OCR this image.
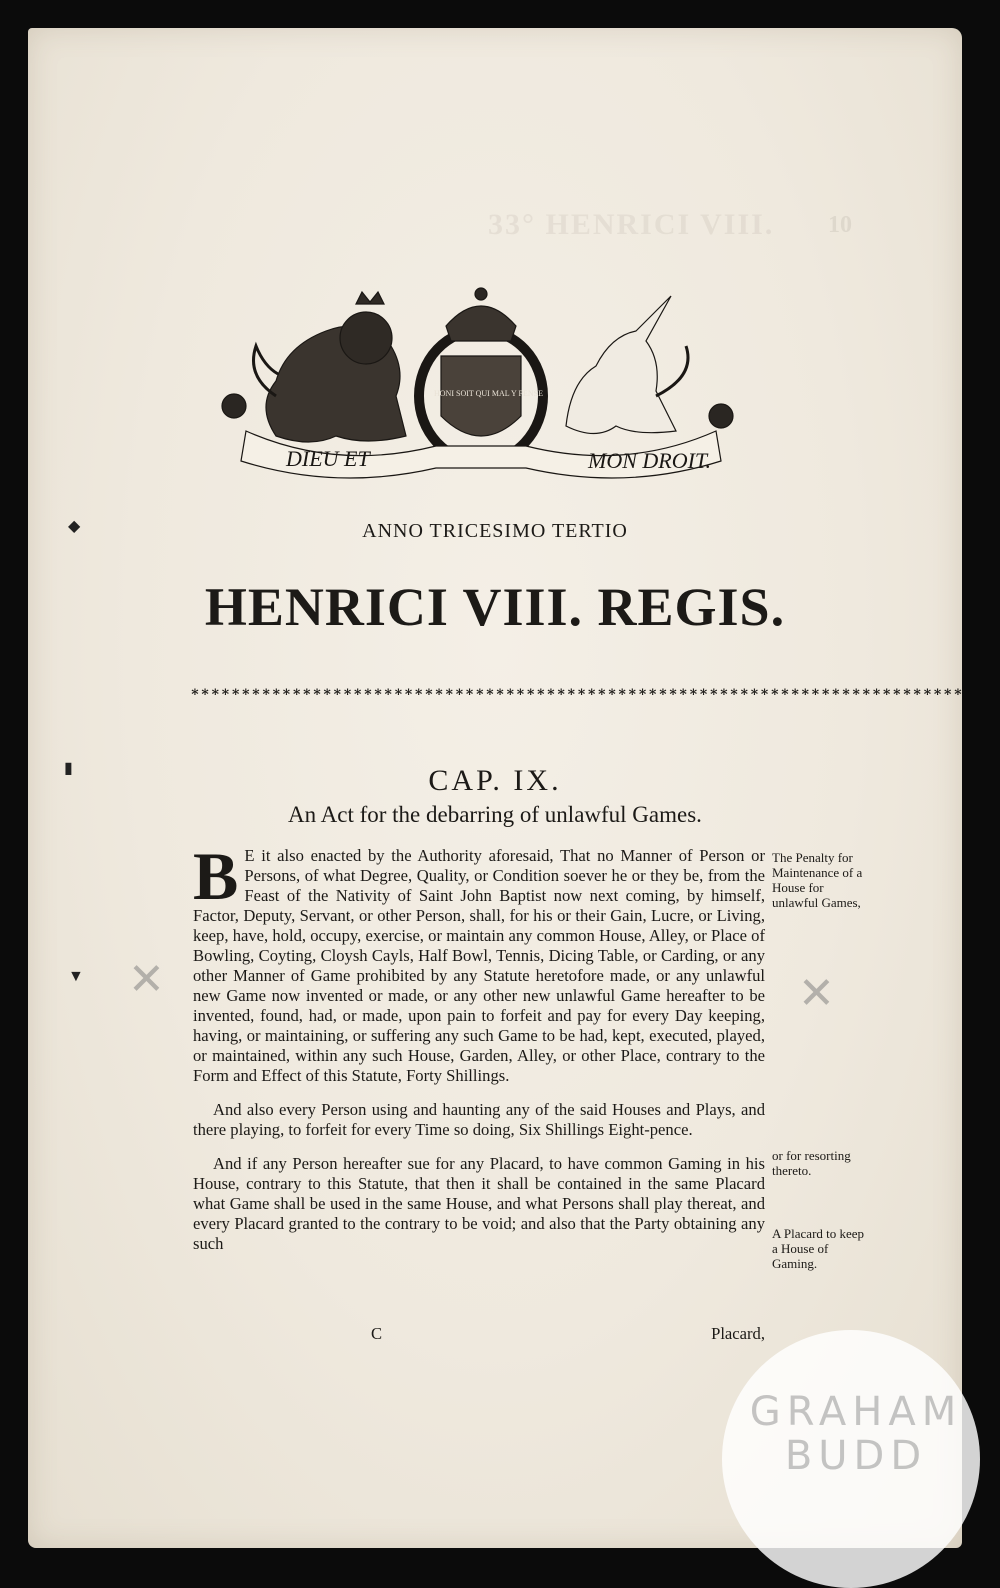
33° HENRICI VIII. 10
DIEU ET	MON DROIT.
HONI SOIT QUI MAL Y PENSE
ANNO TRICESIMO TERTIO
HENRICI VIII. REGIS.
∗∗∗∗∗∗∗∗∗∗∗∗∗∗∗∗∗∗∗∗∗∗∗∗∗∗∗∗∗∗∗∗∗∗∗∗∗∗∗∗∗∗∗∗∗∗∗∗∗∗∗∗∗∗∗∗∗∗∗∗∗∗∗∗∗∗∗∗∗∗∗∗∗∗∗∗
CAP. IX.
An Act for the debarring of unlawful Games.

B E it also enacted by the Authority aforesaid, That no Manner of Person or Persons, of what Degree, Quality, or Condition soever he or they be, from the Feast of the Nativity of Saint John Baptist now next coming, by himself, Factor, Deputy, Servant, or other Person, shall, for his or their Gain, Lucre, or Living, keep, have, hold, occupy, exercise, or maintain any common House, Alley, or Place of Bowling, Coyting, Cloysh Cayls, Half Bowl, Tennis, Dicing Table, or Carding, or any other Manner of Game prohibited by any Statute heretofore made, or any unlawful new Game now invented or made, or any other new unlawful Game hereafter to be invented, found, had, or made, upon pain to forfeit and pay for every Day keeping, having, or maintaining, or suffering any such Game to be had, kept, executed, played, or maintained, within any such House, Garden, Alley, or other Place, contrary to the Form and Effect of this Statute, Forty Shillings.

And also every Person using and haunting any of the said Houses and Plays, and there playing, to forfeit for every Time so doing, Six Shillings Eight-pence.

And if any Person hereafter sue for any Placard, to have common Gaming in his House, contrary to this Statute, that then it shall be contained in the same Placard what Game shall be used in the same House, and what Persons shall play thereat, and every Placard granted to the contrary to be void; and also that the Party obtaining any such

C	Placard,
The Penalty for Maintenance of a House for unlawful Games,
or for resorting thereto.
A Placard to keep a House of Gaming.
◆
▮
▼ ✕	✕
GRAHAM
BUDD
